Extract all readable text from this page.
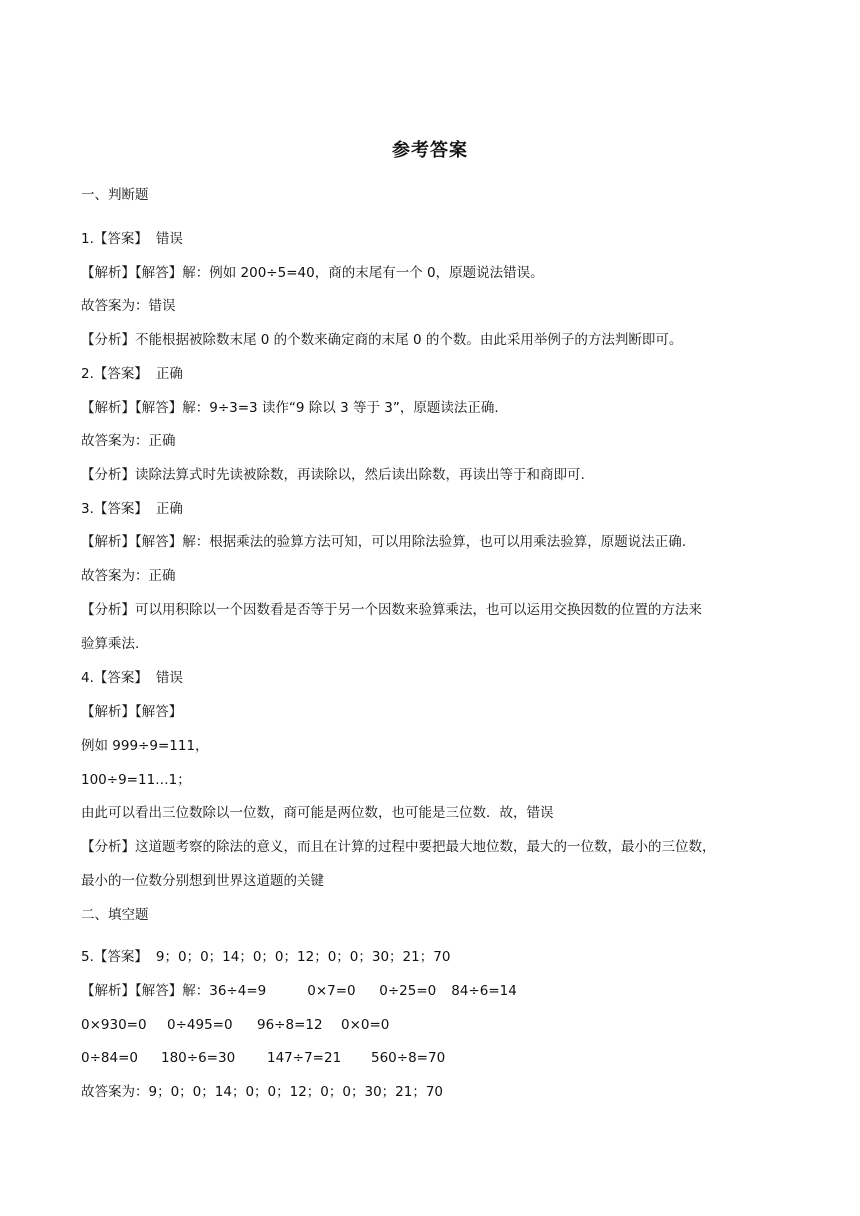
参考答案
一、判断题
1.【答案】 错误
【解析】【解答】解：例如 200÷5=40，商的末尾有一个 0，原题说法错误。
故答案为：错误
【分析】不能根据被除数末尾 0 的个数来确定商的末尾 0 的个数。由此采用举例子的方法判断即可。
2.【答案】 正确
【解析】【解答】解：9÷3=3 读作“9 除以 3 等于 3”，原题读法正确.
故答案为：正确
【分析】读除法算式时先读被除数，再读除以，然后读出除数，再读出等于和商即可.
3.【答案】 正确
【解析】【解答】解：根据乘法的验算方法可知，可以用除法验算，也可以用乘法验算，原题说法正确.
故答案为：正确
【分析】可以用积除以一个因数看是否等于另一个因数来验算乘法，也可以运用交换因数的位置的方法来
验算乘法.
4.【答案】 错误
【解析】【解答】
例如 999÷9=111，
100÷9=11…1；
由此可以看出三位数除以一位数，商可能是两位数，也可能是三位数．故，错误
【分析】这道题考察的除法的意义，而且在计算的过程中要把最大地位数，最大的一位数，最小的三位数，
最小的一位数分别想到世界这道题的关键
二、填空题
5.【答案】 9；0；0；14；0；0；12；0；0；30；21；70
【解析】【解答】解：36÷4=9	0×7=0 0÷25=0 84÷6=14
0×930=0 0÷495=0 96÷8=12 0×0=0
0÷84=0 180÷6=30 147÷7=21 560÷8=70
故答案为：9；0；0；14；0；0；12；0；0；30；21；70
